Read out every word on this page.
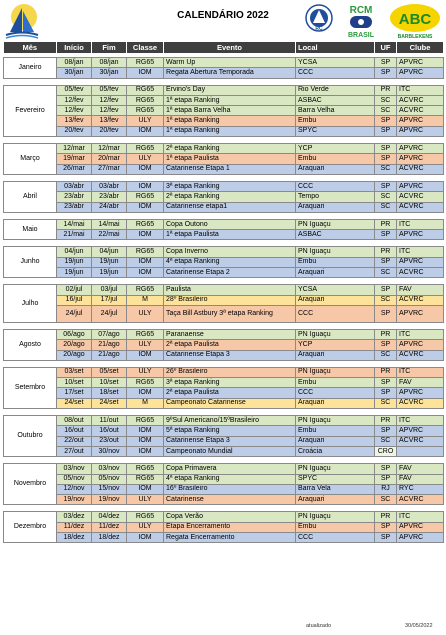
CALENDÁRIO 2022
RC
RCM
BRASIL
ABC
BARBLEKENS
Mês	Início	Fim	Classe	Evento	Local	UF	Clube

Janeiro	08/jan	08/jan	RG65	Warm Up	YCSA	SP	APVRC
	30/jan	30/jan	IOM	Regata Abertura Temporada	CCC	SP	APVRC

Fevereiro	05/fev	05/fev	RG65	Ervino's Day	Rio Verde	PR	ITC
	12/fev	12/fev	RG65	1ª etapa Ranking	ASBAC	SC	ACVRC
	12/fev	12/fev	RG65	1ª etapa Barra Velha	Barra Velha	SC	ACVRC
	13/fev	13/fev	ULY	1ª etapa Ranking	Embu	SP	APVRC
	20/fev	20/fev	IOM	1ª etapa Ranking	SPYC	SP	APVRC

Março	12/mar	12/mar	RG65	2ª etapa Ranking	YCP	SP	APVRC
	19/mar	20/mar	ULY	1ª etapa Paulista	Embu	SP	APVRC
	26/mar	27/mar	IOM	Catarinense Etapa 1	Araquari	SC	ACVRC

Abril	03/abr	03/abr	IOM	3ª etapa Ranking	CCC	SP	APVRC
	23/abr	23/abr	RG65	2ª etapa Ranking	Tempo	SC	ACVRC
	23/abr	24/abr	IOM	Catarinense etapa1	Araquari	SC	ACVRC

Maio	14/mai	14/mai	RG65	Copa Outono	PN Iguaçu	PR	ITC
	21/mai	22/mai	IOM	1ª etapa Paulista	ASBAC	SP	APVRC

Junho	04/jun	04/jun	RG65	Copa Inverno	PN Iguaçu	PR	ITC
	19/jun	19/jun	IOM	4ª etapa Ranking	Embu	SP	APVRC
	19/jun	19/jun	IOM	Catarinense Etapa 2	Araquari	SC	ACVRC

Julho	02/jul	03/jul	RG65	Paulista	YCSA	SP	FAV
	16/jul	17/jul	M	28º Brasileiro	Araquari	SC	ACVRC
	24/jul	24/jul	ULY	Taça Bill Astbury 3ª etapa Ranking	CCC	SP	APVRC

Agosto	06/ago	07/ago	RG65	Paranaense	PN Iguaçu	PR	ITC
	20/ago	21/ago	ULY	2ª etapa Paulista	YCP	SP	APVRC
	20/ago	21/ago	IOM	Catarinense Etapa 3	Araquari	SC	ACVRC

Setembro	03/set	05/set	ULY	26º Brasileiro	PN Iguaçu	PR	ITC
	10/set	10/set	RG65	3ª etapa Ranking	Embu	SP	FAV
	17/set	18/set	IOM	2ª etapa Paulista	CCC	SP	APVRC
	24/set	24/set	M	Campeonato Catarinense	Araquari	SC	ACVRC

Outubro	08/out	11/out	RG65	9ºSul Americano/15ºBrasileiro	PN Iguaçu	PR	ITC
	16/out	16/out	IOM	5ª etapa Ranking	Embu	SP	APVRC
	22/out	23/out	IOM	Catarinense Etapa 3	Araquari	SC	ACVRC
	27/out	30/nov	IOM	Campeonato Mundial	Croácia	CRO	

Novembro	03/nov	03/nov	RG65	Copa Primavera	PN Iguaçu	SP	FAV
	05/nov	05/nov	RG65	4ª etapa Ranking	SPYC	SP	FAV
	12/nov	15/nov	IOM	16º Brasileiro	Barra Vela	RJ	RYC
	19/nov	19/nov	ULY	Catarinense	Araquari	SC	ACVRC

Dezembro	03/dez	04/dez	RG65	Copa Verão	PN Iguaçu	PR	ITC
	11/dez	11/dez	ULY	Etapa Encerramento	Embu	SP	APVRC
	18/dez	18/dez	IOM	Regata Encerramento	CCC	SP	APVRC
atualizado	30/05/2022
